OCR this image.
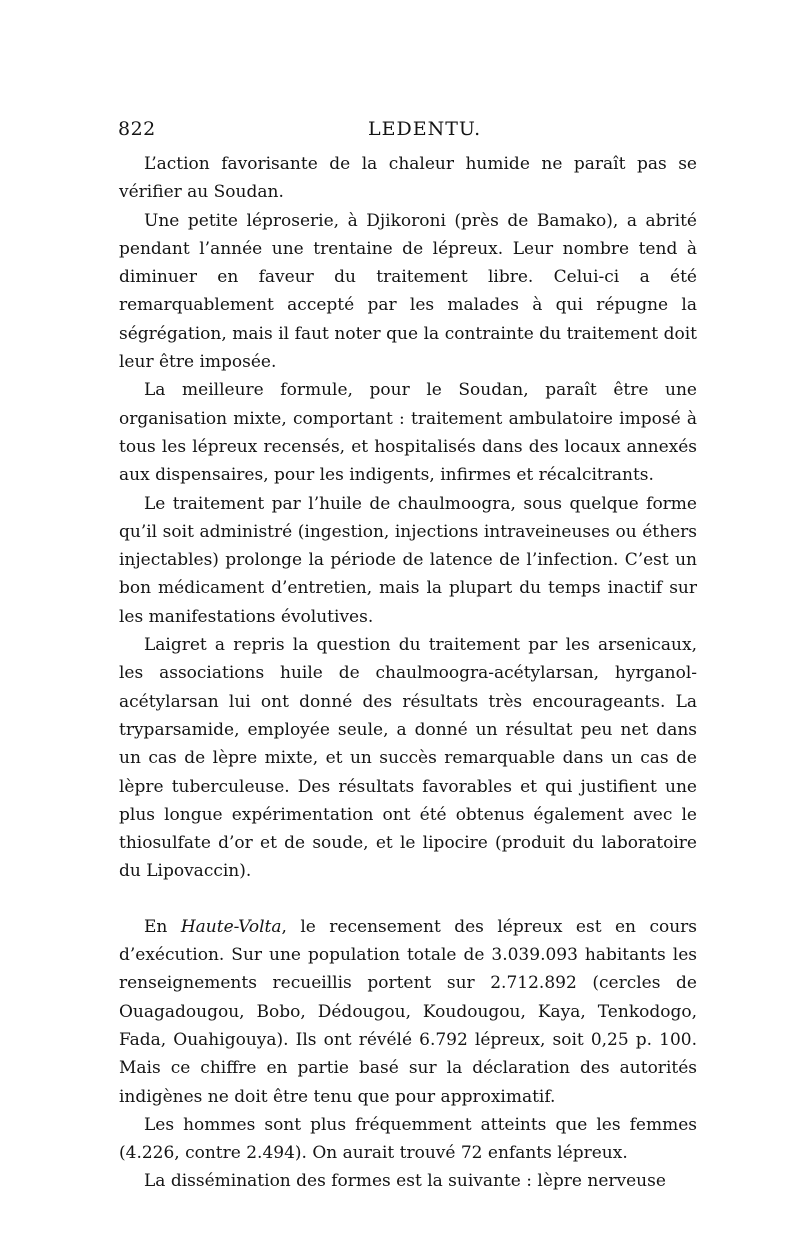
822	LEDENTU.

L’action favorisante de la chaleur humide ne paraît pas se vérifier au Soudan.

Une petite léproserie, à Djikoroni (près de Bamako), a abrité pendant l’année une trentaine de lépreux. Leur nombre tend à diminuer en faveur du traitement libre. Celui-ci a été remarquablement accepté par les malades à qui répugne la ségrégation, mais il faut noter que la contrainte du traitement doit leur être imposée.

La meilleure formule, pour le Soudan, paraît être une organisation mixte, comportant : traitement ambulatoire imposé à tous les lépreux recensés, et hospitalisés dans des locaux annexés aux dispensaires, pour les indigents, infirmes et récalcitrants.

Le traitement par l’huile de chaulmoogra, sous quelque forme qu’il soit administré (ingestion, injections intraveineuses ou éthers injectables) prolonge la période de latence de l’infection. C’est un bon médicament d’entretien, mais la plupart du temps inactif sur les manifestations évolutives.

Laigret a repris la question du traitement par les arsenicaux, les associations huile de chaulmoogra-acétylarsan, hyrganol-acétylarsan lui ont donné des résultats très encourageants. La tryparsamide, employée seule, a donné un résultat peu net dans un cas de lèpre mixte, et un succès remarquable dans un cas de lèpre tuberculeuse. Des résultats favorables et qui justifient une plus longue expérimentation ont été obtenus également avec le thiosulfate d’or et de soude, et le lipocire (produit du laboratoire du Lipovaccin).

En Haute-Volta, le recensement des lépreux est en cours d’exécution. Sur une population totale de 3.039.093 habitants les renseignements recueillis portent sur 2.712.892 (cercles de Ouagadougou, Bobo, Dédougou, Koudougou, Kaya, Tenkodogo, Fada, Ouahigouya). Ils ont révélé 6.792 lépreux, soit 0,25 p. 100. Mais ce chiffre en partie basé sur la déclaration des autorités indigènes ne doit être tenu que pour approximatif.

Les hommes sont plus fréquemment atteints que les femmes (4.226, contre 2.494). On aurait trouvé 72 enfants lépreux.

La dissémination des formes est la suivante : lèpre nerveuse
